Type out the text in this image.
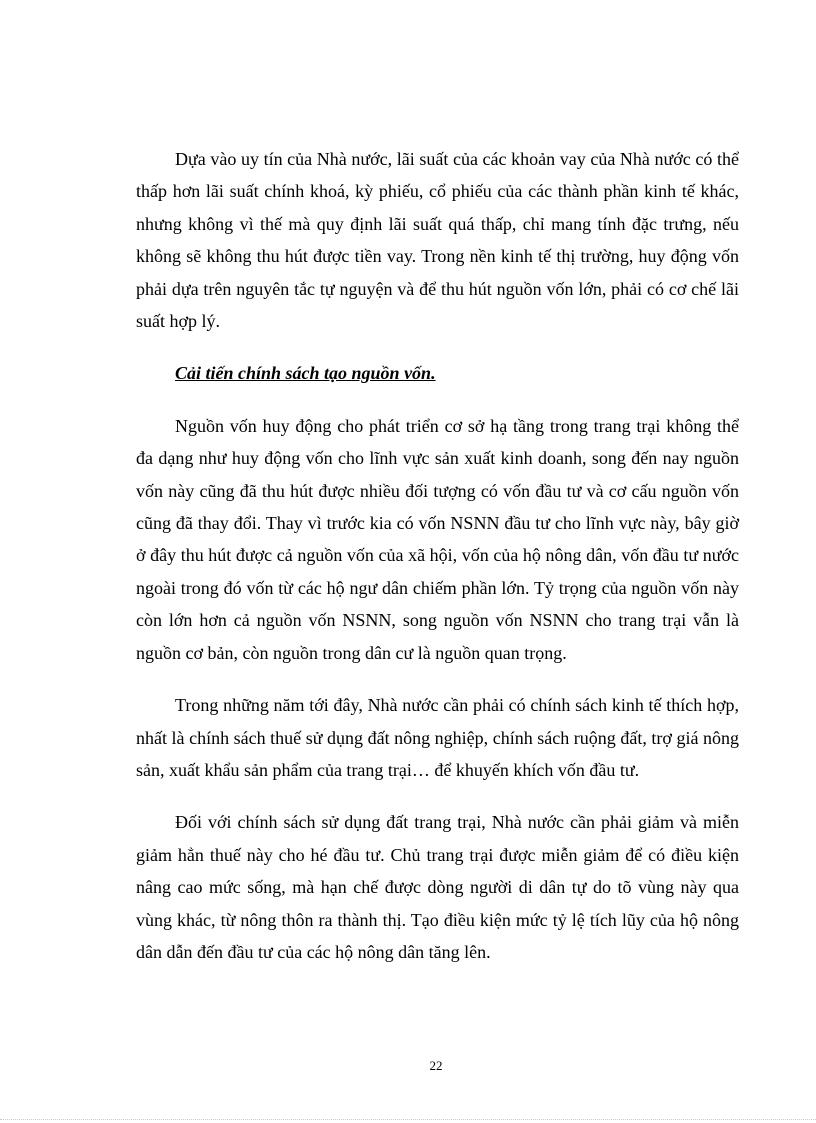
Dựa vào uy tín của Nhà nước, lãi suất của các khoản vay của Nhà nước có thể thấp hơn lãi suất chính khoá, kỳ phiếu, cổ phiếu của các thành phần kinh tế khác, nhưng không vì thế mà quy định lãi suất quá thấp, chỉ mang tính đặc trưng, nếu không sẽ không thu hút được tiền vay. Trong nền kinh tế thị trường, huy động vốn phải dựa trên nguyên tắc tự nguyện và để thu hút nguồn vốn lớn, phải có cơ chế lãi suất hợp lý.

Cải tiến chính sách tạo nguồn vốn.

Nguồn vốn huy động cho phát triển cơ sở hạ tầng trong trang trại không thể đa dạng như huy động vốn cho lĩnh vực sản xuất kinh doanh, song đến nay nguồn vốn này cũng đã thu hút được nhiều đối tượng có vốn đầu tư và cơ cấu nguồn vốn cũng đã thay đổi. Thay vì trước kia có vốn NSNN đầu tư cho lĩnh vực này, bây giờ ở đây thu hút được cả nguồn vốn của xã hội, vốn của hộ nông dân, vốn đầu tư nước ngoài trong đó vốn từ các hộ ngư dân chiếm phần lớn. Tỷ trọng của nguồn vốn này còn lớn hơn cả nguồn vốn NSNN, song nguồn vốn NSNN cho trang trại vẫn là nguồn cơ bản, còn nguồn trong dân cư là nguồn quan trọng.

Trong những năm tới đây, Nhà nước cần phải có chính sách kinh tế thích hợp, nhất là chính sách thuế sử dụng đất nông nghiệp, chính sách ruộng đất, trợ giá nông sản, xuất khẩu sản phẩm của trang trại… để khuyến khích vốn đầu tư.

Đối với chính sách sử dụng đất trang trại, Nhà nước cần phải giảm và miễn giảm hẳn thuế này cho hé đầu tư. Chủ trang trại được miễn giảm để có điều kiện nâng cao mức sống, mà hạn chế được dòng người di dân tự do tõ vùng này qua vùng khác, từ nông thôn ra thành thị. Tạo điều kiện mức tỷ lệ tích lũy của hộ nông dân dẫn đến đầu tư của các hộ nông dân tăng lên.

22
